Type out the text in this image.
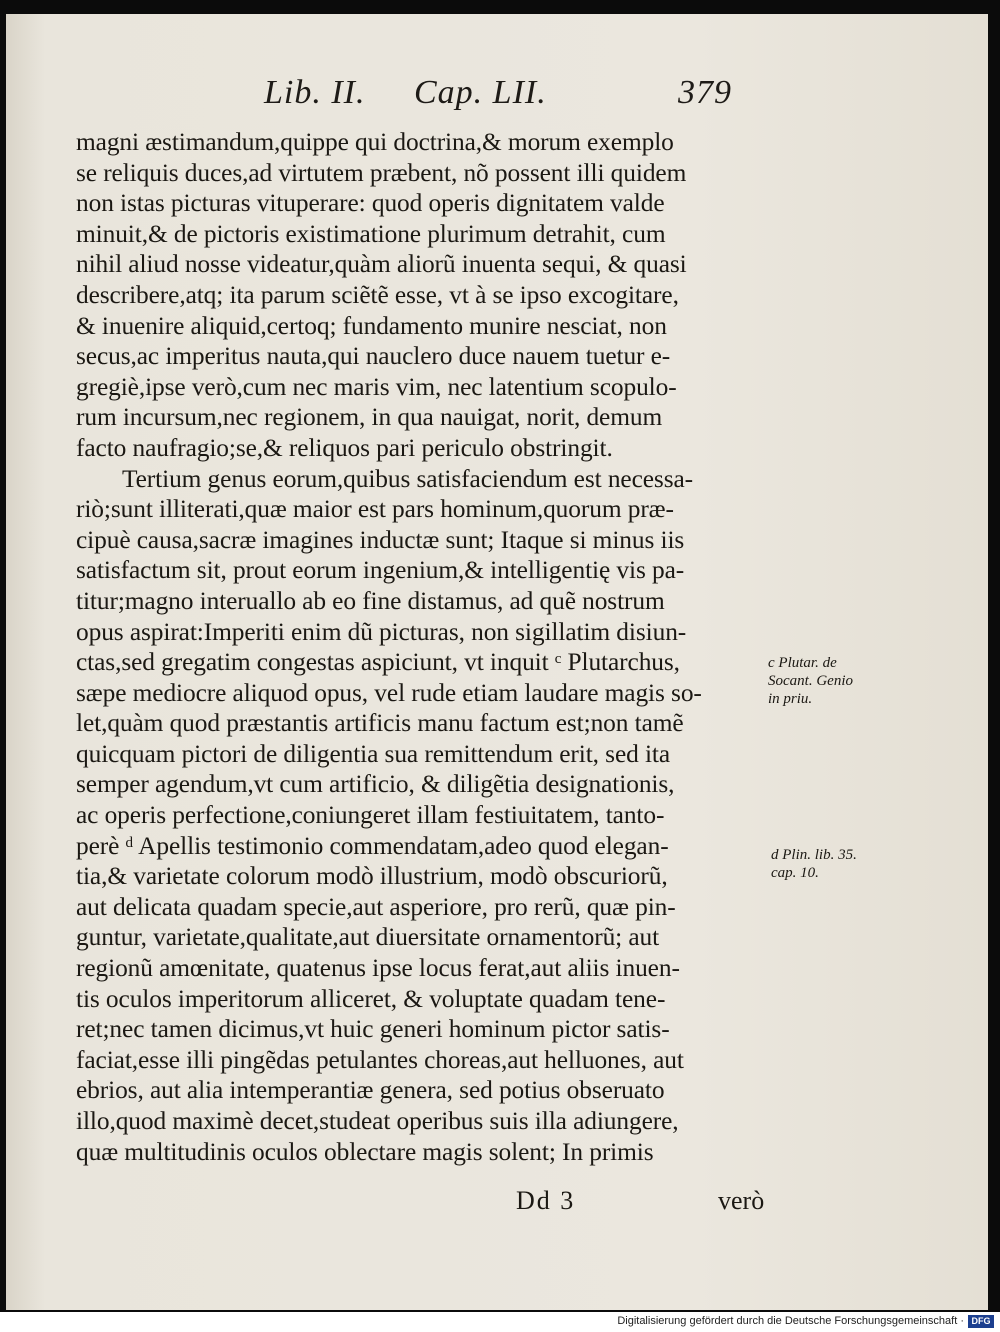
Lib. II. Cap. LII.	379
magni æstimandum,quippe qui doctrina,& morum exemplo
se reliquis duces,ad virtutem præbent, nõ possent illi quidem
non istas picturas vituperare: quod operis dignitatem valde
minuit,& de pictoris existimatione plurimum detrahit, cum
nihil aliud nosse videatur,quàm aliorũ inuenta sequi, & quasi
describere,atq; ita parum sciẽtẽ esse, vt à se ipso excogitare,
& inuenire aliquid,certoq; fundamento munire nesciat, non
secus,ac imperitus nauta,qui nauclero duce nauem tuetur e-
gregiè,ipse verò,cum nec maris vim, nec latentium scopulo-
rum incursum,nec regionem, in qua nauigat, norit, demum
facto naufragio;se,& reliquos pari periculo obstringit.
Tertium genus eorum,quibus satisfaciendum est necessa-
riò;sunt illiterati,quæ maior est pars hominum,quorum præ-
cipuè causa,sacræ imagines inductæ sunt; Itaque si minus iis
satisfactum sit, prout eorum ingenium,& intelligentię vis pa-
titur;magno interuallo ab eo fine distamus, ad quẽ nostrum
opus aspirat:Imperiti enim dũ picturas, non sigillatim disiun-
ctas,sed gregatim congestas aspiciunt, vt inquit ᶜ Plutarchus,
sæpe mediocre aliquod opus, vel rude etiam laudare magis so-
let,quàm quod præstantis artificis manu factum est;non tamẽ
quicquam pictori de diligentia sua remittendum erit, sed ita
semper agendum,vt cum artificio, & diligẽtia designationis,
ac operis perfectione,coniungeret illam festiuitatem, tanto-
perè ᵈ Apellis testimonio commendatam,adeo quod elegan-
tia,& varietate colorum modò illustrium, modò obscuriorũ,
aut delicata quadam specie,aut asperiore, pro rerũ, quæ pin-
guntur, varietate,qualitate,aut diuersitate ornamentorũ; aut
regionũ amœnitate, quatenus ipse locus ferat,aut aliis inuen-
tis oculos imperitorum alliceret, & voluptate quadam tene-
ret;nec tamen dicimus,vt huic generi hominum pictor satis-
faciat,esse illi pingẽdas petulantes choreas,aut helluones, aut
ebrios, aut alia intemperantiæ genera, sed potius obseruato
illo,quod maximè decet,studeat operibus suis illa adiungere,
quæ multitudinis oculos oblectare magis solent; In primis
c Plutar. de
Socant. Genio
in priu.
d Plin. lib. 35.
cap. 10.
Dd 3	verò
Digitalisierung gefördert durch die Deutsche Forschungsgemeinschaft · DFG
